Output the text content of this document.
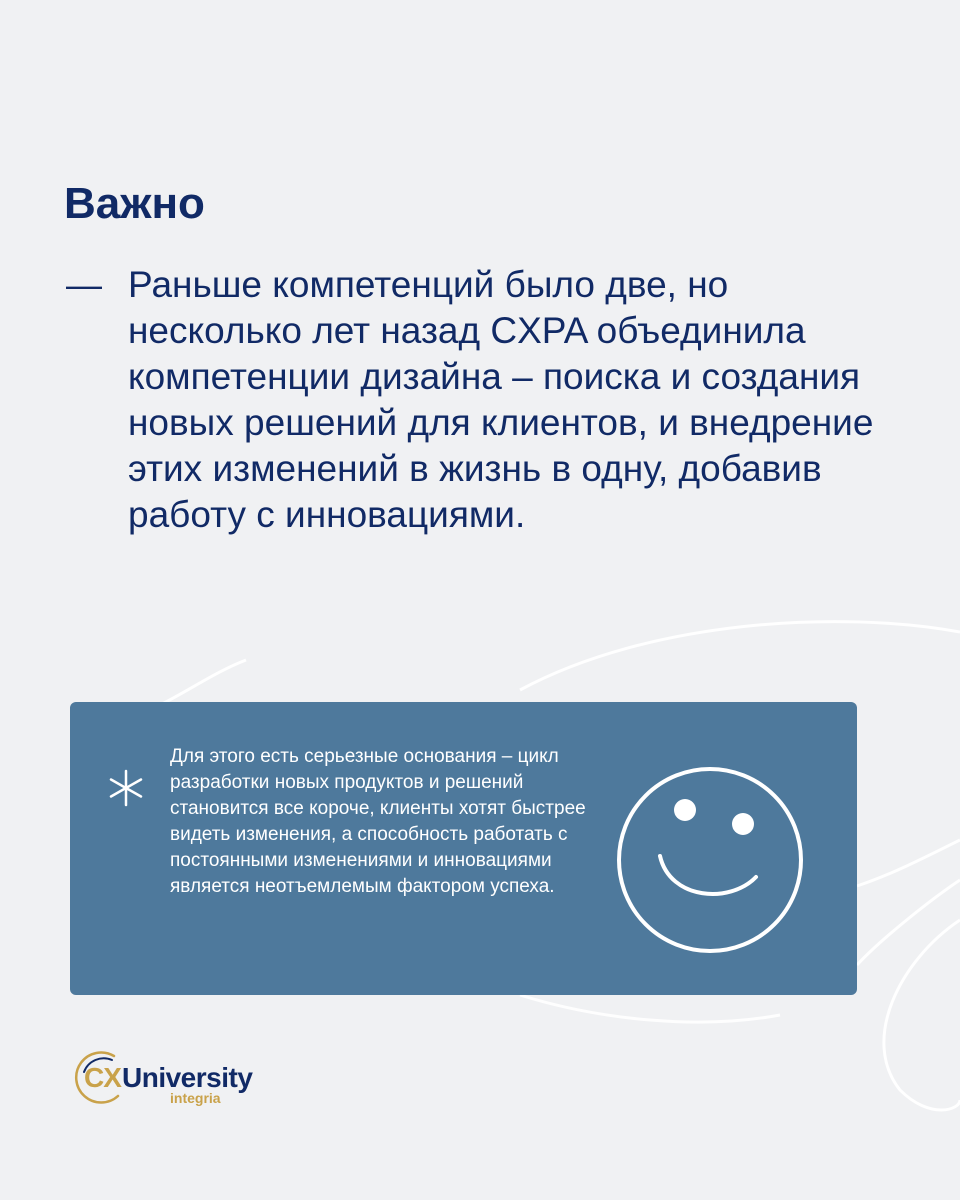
Важно
— Раньше компетенций было две, но несколько лет назад CXPA объединила компетенции дизайна – поиска и создания новых решений для клиентов, и внедрение этих изменений в жизнь в одну, добавив работу с инновациями.

Для этого есть серьезные основания – цикл разработки новых продуктов и решений становится все короче, клиенты хотят быстрее видеть изменения, а способность работать с постоянными изменениями и инновациями является неотъемлемым фактором успеха.

CX University
integria
